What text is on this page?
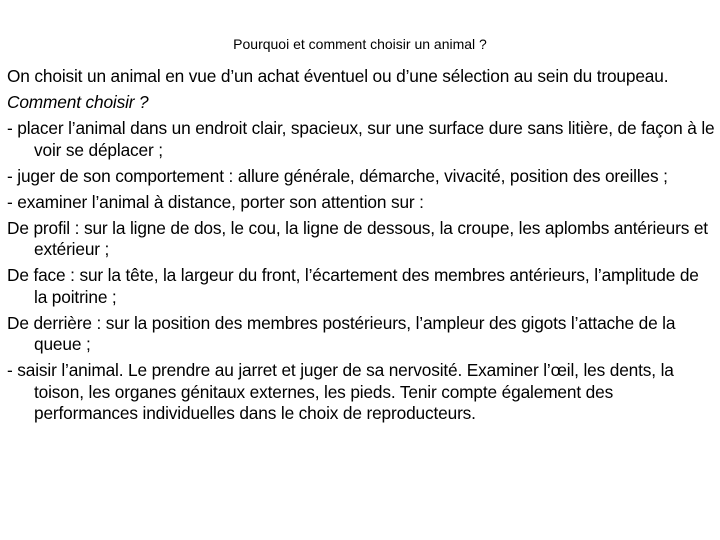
Pourquoi et comment choisir un animal ?

On choisit un animal en vue d’un achat éventuel ou d’une sélection au sein du troupeau.

Comment choisir ?

- placer l’animal dans un endroit clair, spacieux, sur une surface dure sans litière, de façon à le voir se déplacer ;

- juger de son comportement : allure générale, démarche, vivacité, position des oreilles ;

- examiner l’animal à distance, porter son attention sur :

De profil : sur la ligne de dos, le cou, la ligne de dessous, la croupe, les aplombs antérieurs et extérieur ;

De face : sur la tête, la largeur du front, l’écartement des membres antérieurs, l’amplitude de la poitrine ;

De derrière : sur la position des membres postérieurs, l’ampleur des gigots l’attache de la queue ;

- saisir l’animal. Le prendre au jarret et juger de sa nervosité. Examiner l’œil, les dents, la toison, les organes génitaux externes, les pieds. Tenir compte également des performances individuelles dans le choix de reproducteurs.
